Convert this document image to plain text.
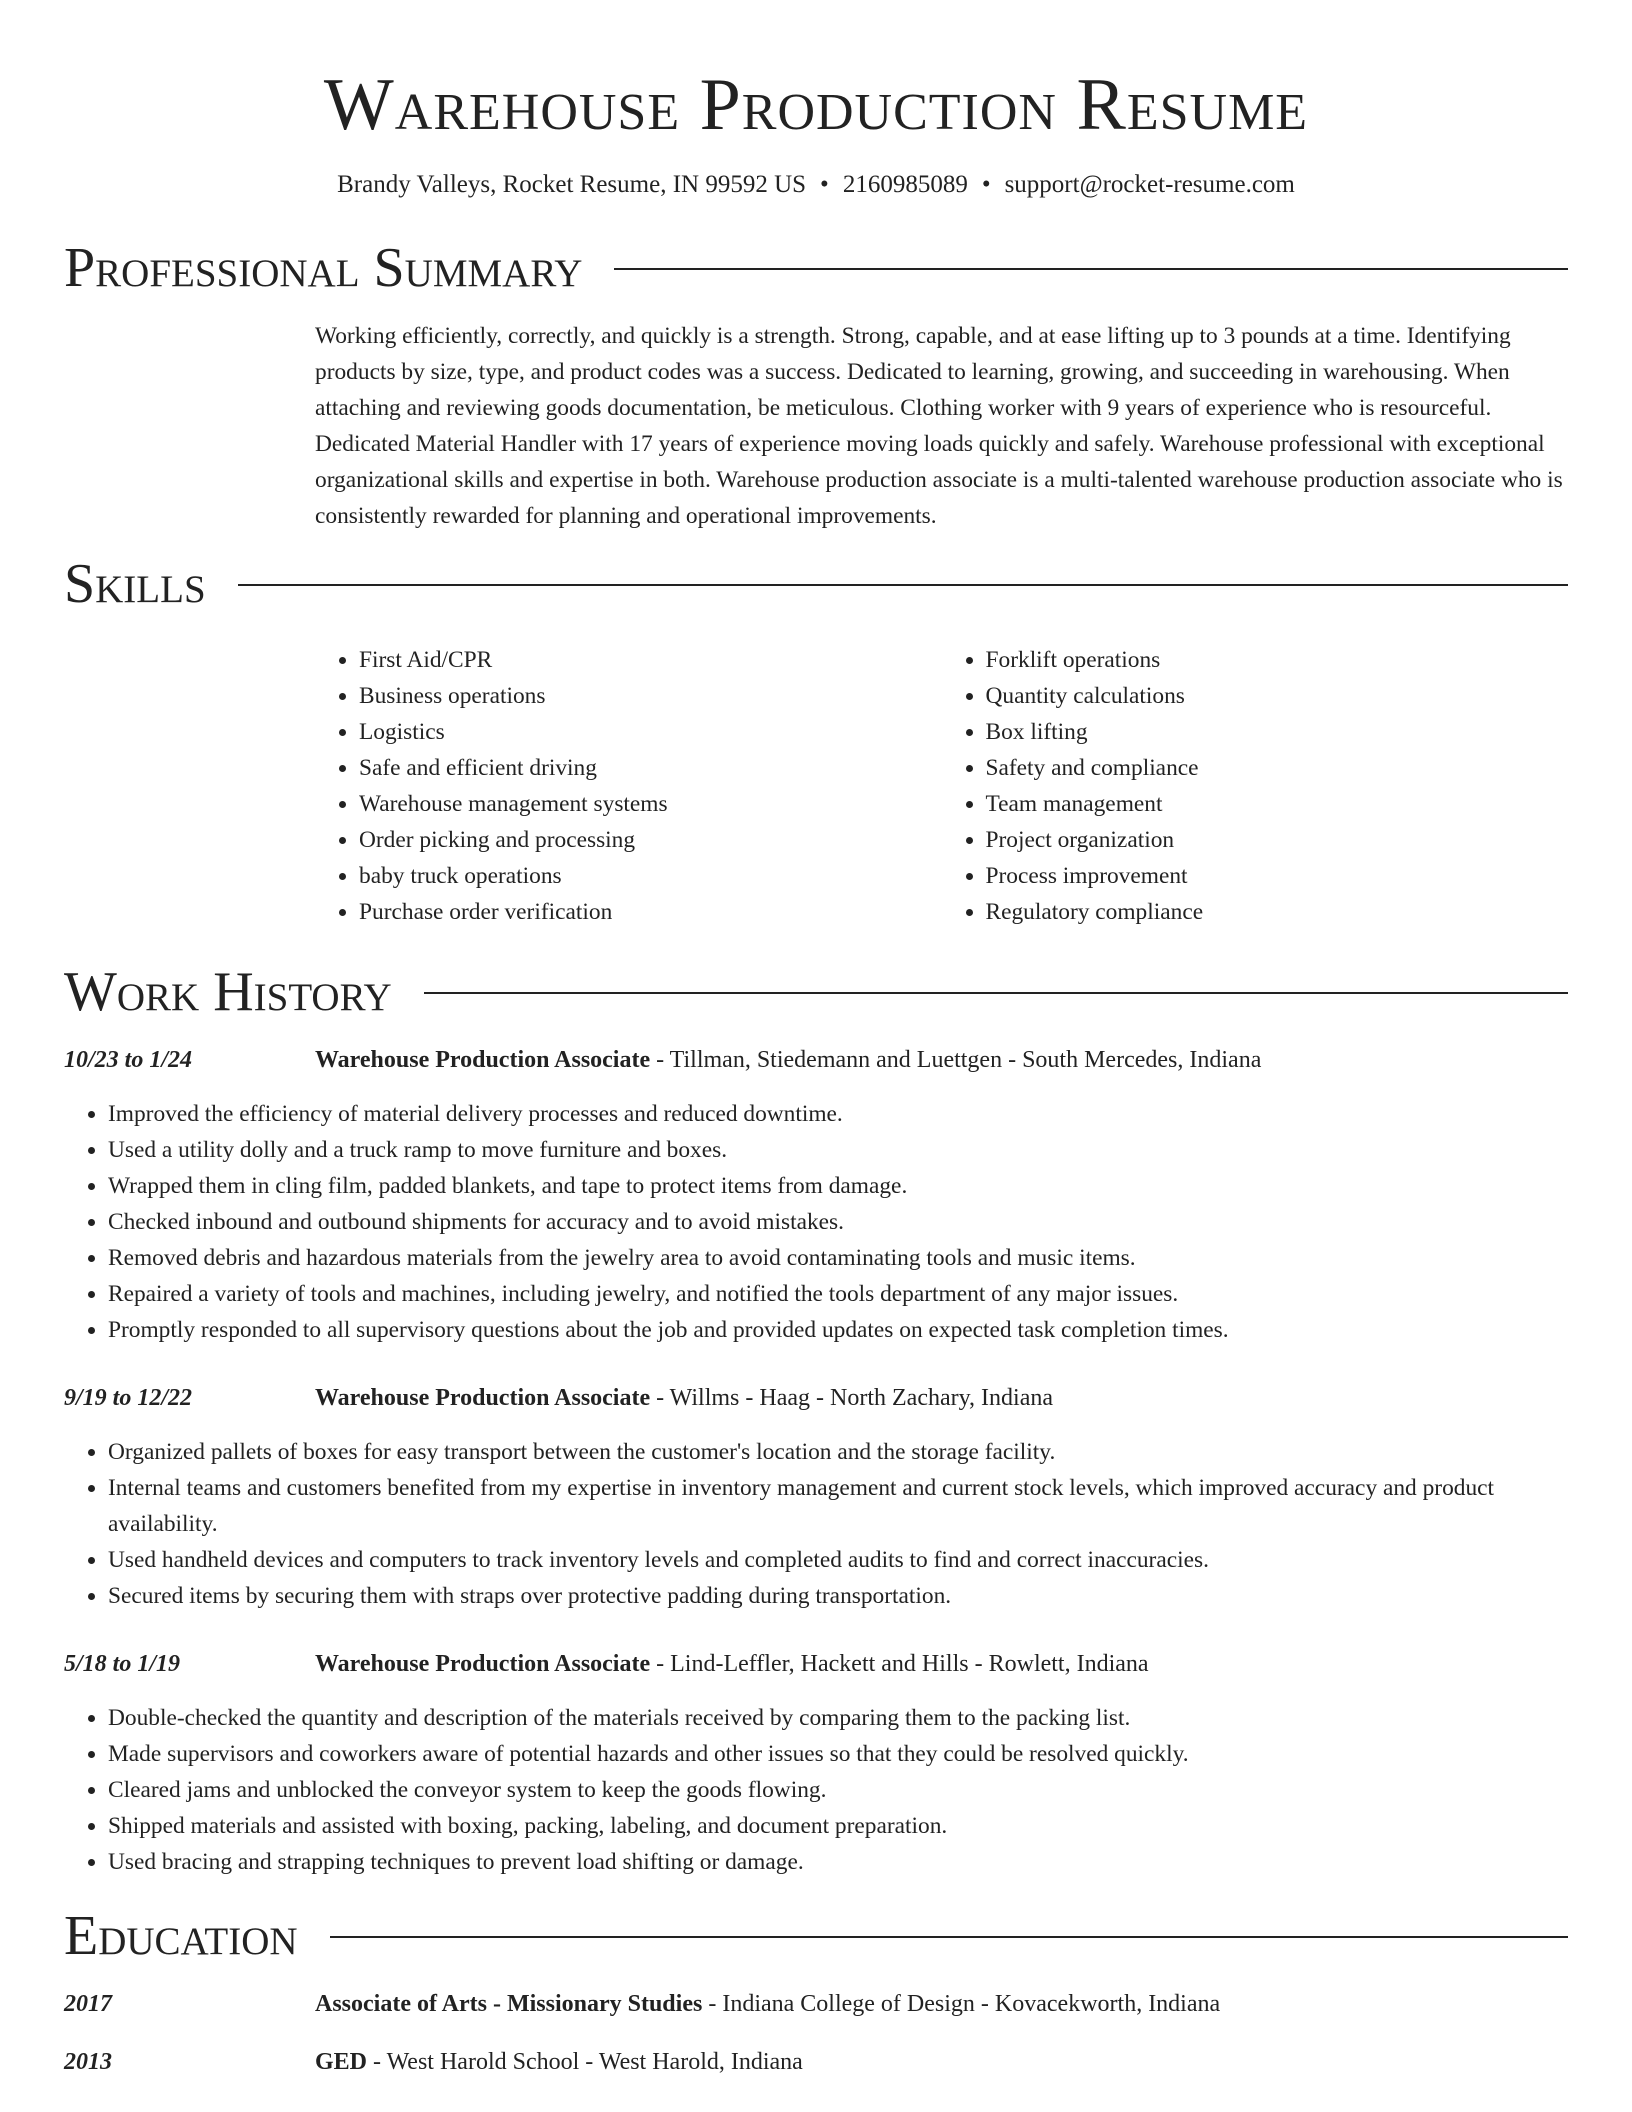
Warehouse Production Resume
Brandy Valleys, Rocket Resume, IN 99592 US • 2160985089 • support@rocket-resume.com
Professional Summary

Working efficiently, correctly, and quickly is a strength. Strong, capable, and at ease lifting up to 3 pounds at a time. Identifying products by size, type, and product codes was a success. Dedicated to learning, growing, and succeeding in warehousing. When attaching and reviewing goods documentation, be meticulous. Clothing worker with 9 years of experience who is resourceful. Dedicated Material Handler with 17 years of experience moving loads quickly and safely. Warehouse professional with exceptional organizational skills and expertise in both. Warehouse production associate is a multi-talented warehouse production associate who is consistently rewarded for planning and operational improvements.

Skills
• First Aid/CPR
• Business operations
• Logistics
• Safe and efficient driving
• Warehouse management systems
• Order picking and processing
• baby truck operations
• Purchase order verification
• Forklift operations
• Quantity calculations
• Box lifting
• Safety and compliance
• Team management
• Project organization
• Process improvement
• Regulatory compliance
Work History
10/23 to 1/24	Warehouse Production Associate - Tillman, Stiedemann and Luettgen - South Mercedes, Indiana
• Improved the efficiency of material delivery processes and reduced downtime.
• Used a utility dolly and a truck ramp to move furniture and boxes.
• Wrapped them in cling film, padded blankets, and tape to protect items from damage.
• Checked inbound and outbound shipments for accuracy and to avoid mistakes.
• Removed debris and hazardous materials from the jewelry area to avoid contaminating tools and music items.
• Repaired a variety of tools and machines, including jewelry, and notified the tools department of any major issues.
• Promptly responded to all supervisory questions about the job and provided updates on expected task completion times.
9/19 to 12/22	Warehouse Production Associate - Willms - Haag - North Zachary, Indiana
• Organized pallets of boxes for easy transport between the customer's location and the storage facility.
• Internal teams and customers benefited from my expertise in inventory management and current stock levels, which improved accuracy and product availability.
• Used handheld devices and computers to track inventory levels and completed audits to find and correct inaccuracies.
• Secured items by securing them with straps over protective padding during transportation.
5/18 to 1/19	Warehouse Production Associate - Lind-Leffler, Hackett and Hills - Rowlett, Indiana
• Double-checked the quantity and description of the materials received by comparing them to the packing list.
• Made supervisors and coworkers aware of potential hazards and other issues so that they could be resolved quickly.
• Cleared jams and unblocked the conveyor system to keep the goods flowing.
• Shipped materials and assisted with boxing, packing, labeling, and document preparation.
• Used bracing and strapping techniques to prevent load shifting or damage.
Education
2017	Associate of Arts - Missionary Studies - Indiana College of Design - Kovacekworth, Indiana
2013	GED - West Harold School - West Harold, Indiana
